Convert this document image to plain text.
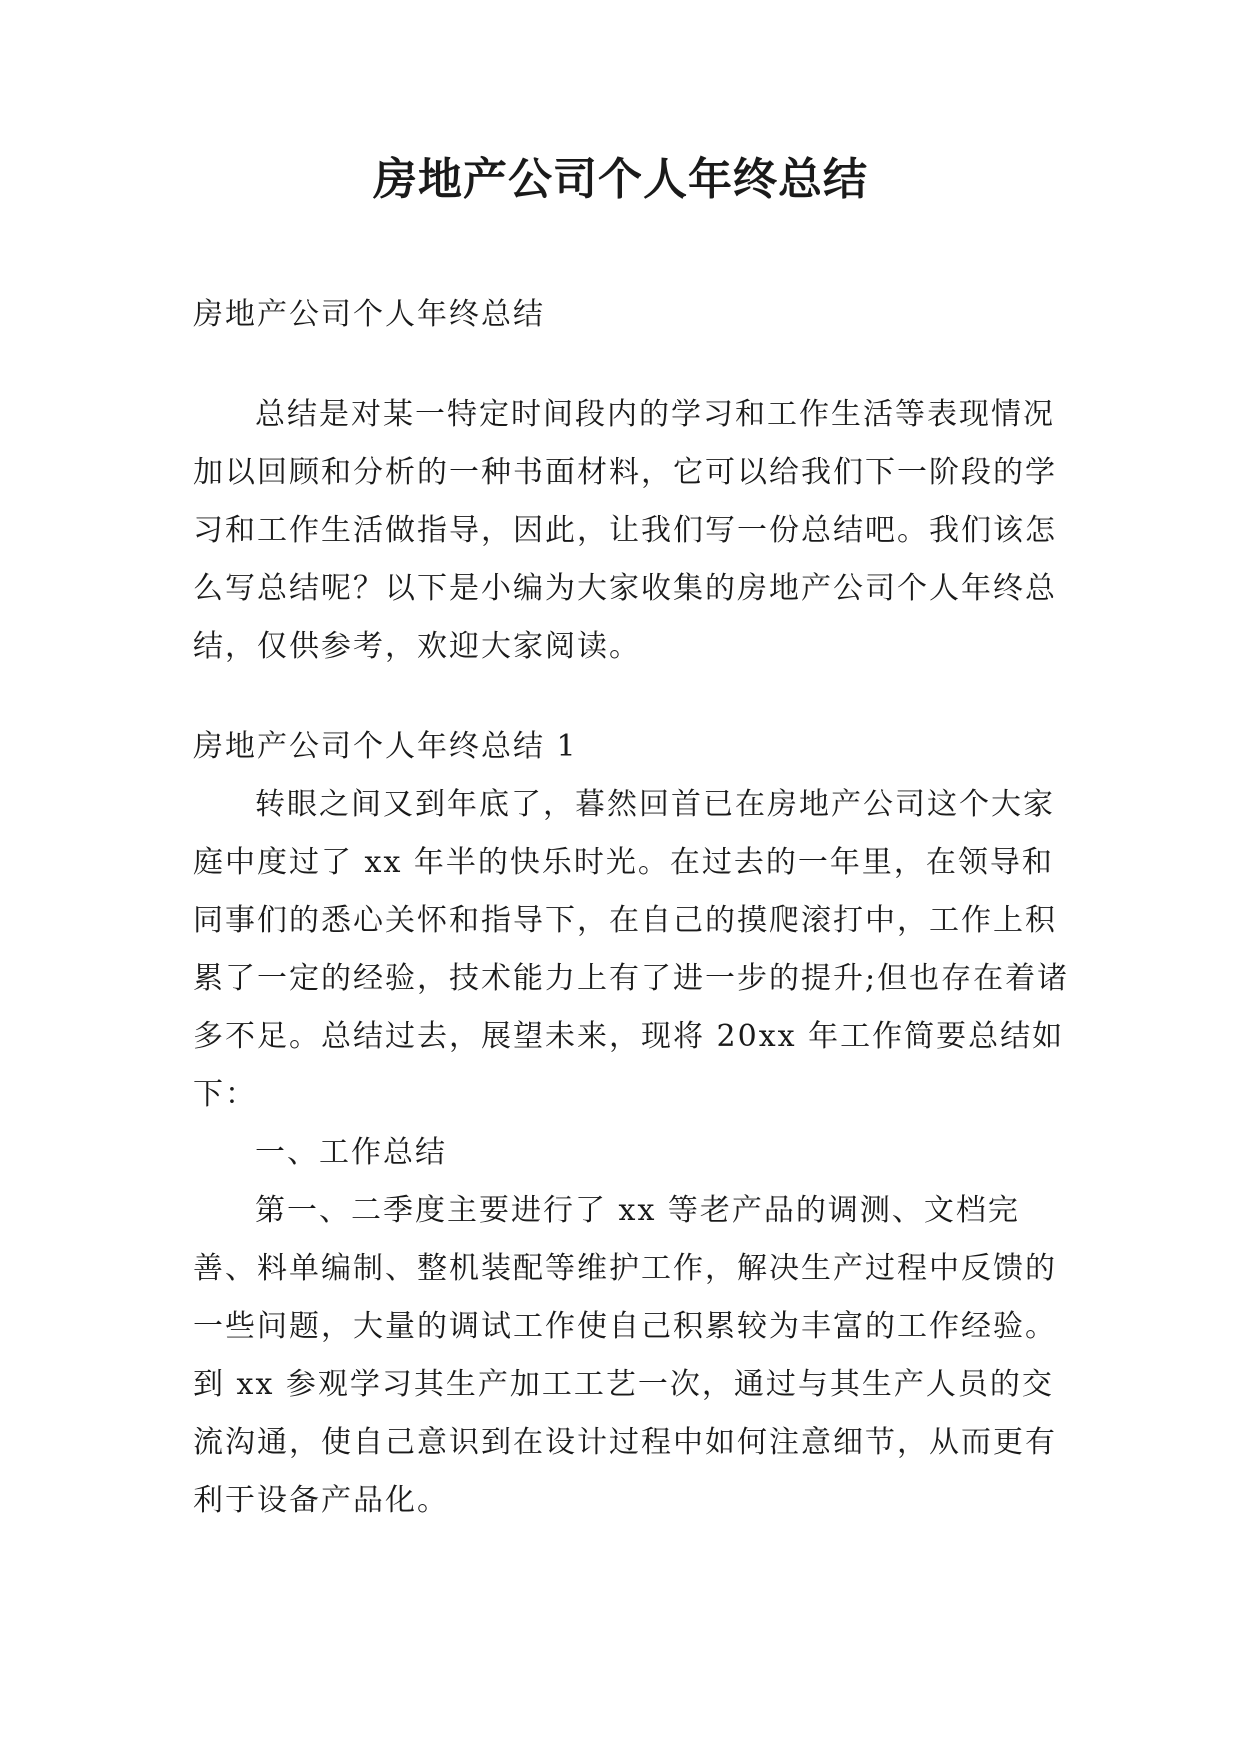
房地产公司个人年终总结

房地产公司个人年终总结

总结是对某一特定时间段内的学习和工作生活等表现情况加以回顾和分析的一种书面材料，它可以给我们下一阶段的学习和工作生活做指导，因此，让我们写一份总结吧。我们该怎么写总结呢？以下是小编为大家收集的房地产公司个人年终总结，仅供参考，欢迎大家阅读。

房地产公司个人年终总结 1

转眼之间又到年底了，暮然回首已在房地产公司这个大家庭中度过了 xx 年半的快乐时光。在过去的一年里，在领导和同事们的悉心关怀和指导下，在自己的摸爬滚打中，工作上积累了一定的经验，技术能力上有了进一步的提升;但也存在着诸多不足。总结过去，展望未来，现将 20xx 年工作简要总结如下：

一、工作总结

第一、二季度主要进行了 xx 等老产品的调测、文档完善、料单编制、整机装配等维护工作，解决生产过程中反馈的一些问题，大量的调试工作使自己积累较为丰富的工作经验。到 xx 参观学习其生产加工工艺一次，通过与其生产人员的交流沟通，使自己意识到在设计过程中如何注意细节，从而更有利于设备产品化。
